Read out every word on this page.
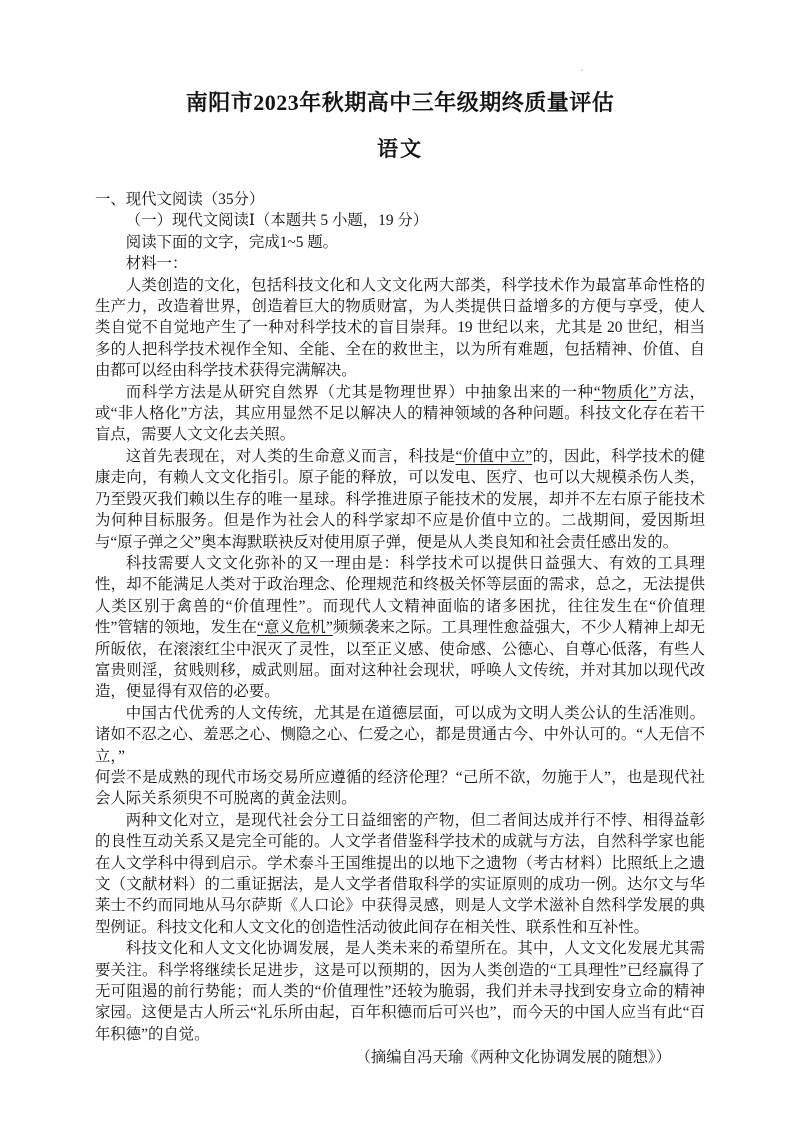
ˊ
南阳市2023年秋期高中三年级期终质量评估
语文

一、现代文阅读（35分）

（一）现代文阅读Ⅰ（本题共 5 小题，19 分）

阅读下面的文字，完成1~5 题。

材料一：

人类创造的文化，包括科技文化和人文文化两大部类，科学技术作为最富革命性格的生产力，改造着世界，创造着巨大的物质财富，为人类提供日益增多的方便与享受，使人类自觉不自觉地产生了一种对科学技术的盲目崇拜。19 世纪以来，尤其是 20 世纪，相当多的人把科学技术视作全知、全能、全在的救世主，以为所有难题，包括精神、价值、自由都可以经由科学技术获得完满解决。

而科学方法是从研究自然界（尤其是物理世界）中抽象出来的一种“物质化”方法，或“非人格化”方法，其应用显然不足以解决人的精神领域的各种问题。科技文化存在若干盲点，需要人文文化去关照。

这首先表现在，对人类的生命意义而言，科技是“价值中立”的，因此，科学技术的健康走向，有赖人文文化指引。原子能的释放，可以发电、医疗、也可以大规模杀伤人类，乃至毁灭我们赖以生存的唯一星球。科学推进原子能技术的发展，却并不左右原子能技术为何种目标服务。但是作为社会人的科学家却不应是价值中立的。二战期间，爱因斯坦与“原子弹之父”奥本海默联袂反对使用原子弹，便是从人类良知和社会责任感出发的。

科技需要人文文化弥补的又一理由是：科学技术可以提供日益强大、有效的工具理性，却不能满足人类对于政治理念、伦理规范和终极关怀等层面的需求，总之，无法提供人类区别于禽兽的“价值理性”。而现代人文精神面临的诸多困扰，往往发生在“价值理性”管辖的领地，发生在“意义危机”频频袭来之际。工具理性愈益强大，不少人精神上却无所皈依，在滚滚红尘中泯灭了灵性，以至正义感、使命感、公德心、自尊心低落，有些人富贵则淫，贫贱则移，威武则屈。面对这种社会现状，呼唤人文传统，并对其加以现代改造，便显得有双倍的必要。

中国古代优秀的人文传统，尤其是在道德层面，可以成为文明人类公认的生活准则。诸如不忍之心、羞恶之心、恻隐之心、仁爱之心，都是贯通古今、中外认可的。“人无信不立，”
何尝不是成熟的现代市场交易所应遵循的经济伦理？“己所不欲，勿施于人”，也是现代社会人际关系须臾不可脱离的黄金法则。

两种文化对立，是现代社会分工日益细密的产物，但二者间达成并行不悖、相得益彰的良性互动关系又是完全可能的。人文学者借鉴科学技术的成就与方法，自然科学家也能在人文学科中得到启示。学术泰斗王国维提出的以地下之遗物（考古材料）比照纸上之遗文（文献材料）的二重证据法，是人文学者借取科学的实证原则的成功一例。达尔文与华莱士不约而同地从马尔萨斯《人口论》中获得灵感，则是人文学术滋补自然科学发展的典型例证。科技文化和人文文化的创造性活动彼此间存在相关性、联系性和互补性。

科技文化和人文文化协调发展，是人类未来的希望所在。其中，人文文化发展尤其需要关注。科学将继续长足进步，这是可以预期的，因为人类创造的“工具理性”已经赢得了无可阻遏的前行势能；而人类的“价值理性”还较为脆弱，我们并未寻找到安身立命的精神家园。这便是古人所云“礼乐所由起，百年积德而后可兴也”，而今天的中国人应当有此“百年积德”的自觉。

（摘编自冯天瑜《两种文化协调发展的随想》）
